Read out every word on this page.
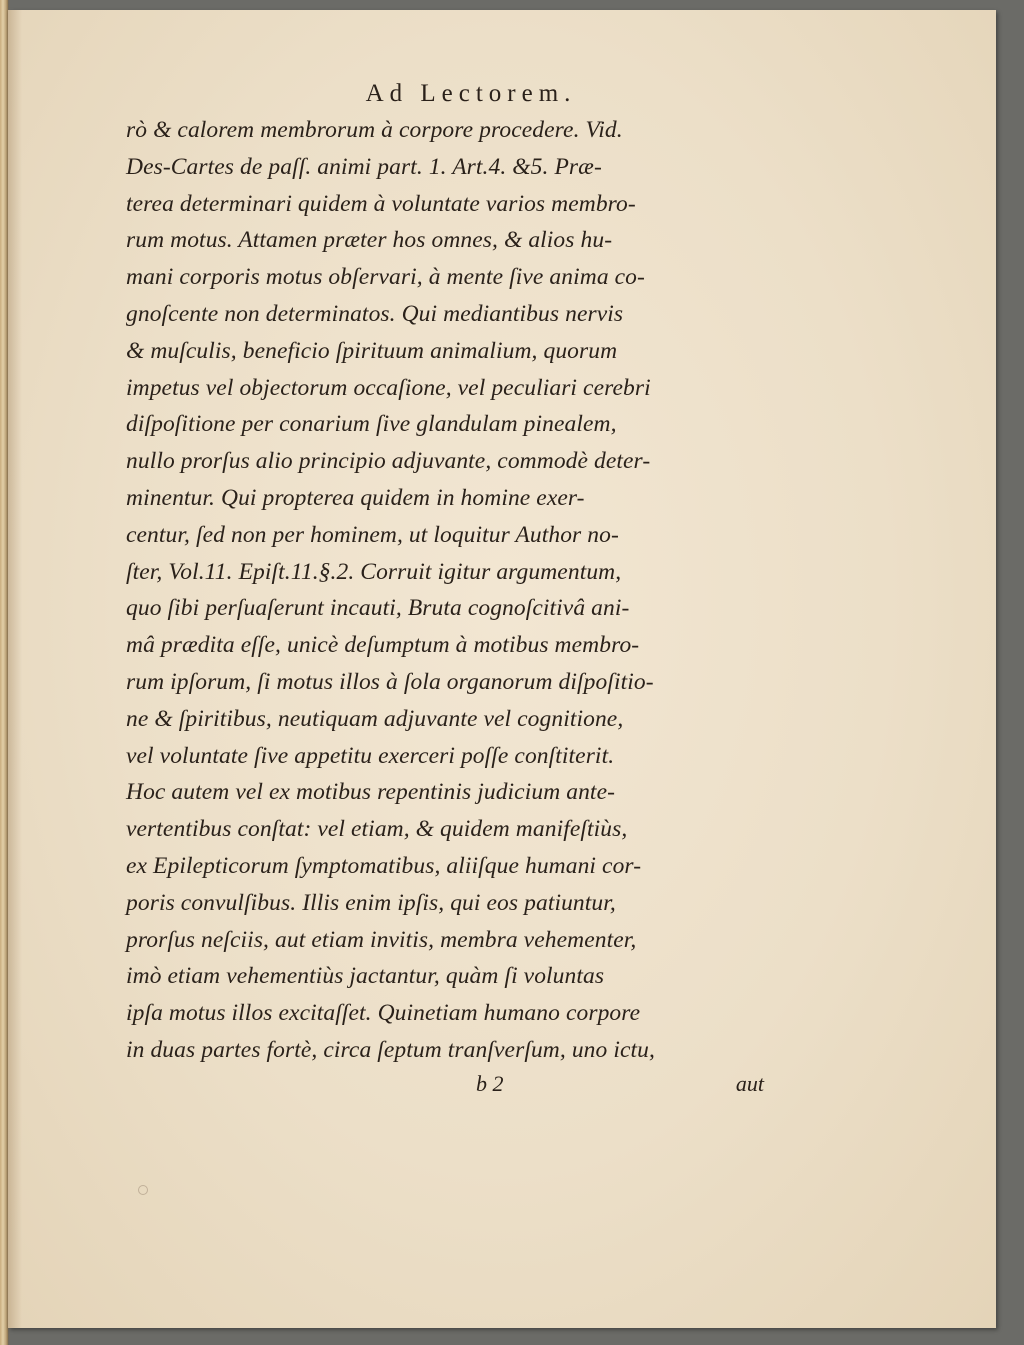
Ad Lectorem.
rò & calorem membrorum à corpore procedere. Vid.
Des-Cartes de paſſ. animi part. 1. Art.4. &5. Præ-
terea determinari quidem à voluntate varios membro-
rum motus. Attamen præter hos omnes, & alios hu-
mani corporis motus obſervari, à mente ſive anima co-
gnoſcente non determinatos. Qui mediantibus nervis
& muſculis, beneficio ſpirituum animalium, quorum
impetus vel objectorum occaſione, vel peculiari cerebri
diſpoſitione per conarium ſive glandulam pinealem,
nullo prorſus alio principio adjuvante, commodè deter-
minentur. Qui propterea quidem in homine exer-
centur, ſed non per hominem, ut loquitur Author no-
ſter, Vol.11. Epiſt.11.§.2. Corruit igitur argumentum,
quo ſibi perſuaſerunt incauti, Bruta cognoſcitivâ ani-
mâ prædita eſſe, unicè deſumptum à motibus membro-
rum ipſorum, ſi motus illos à ſola organorum diſpoſitio-
ne & ſpiritibus, neutiquam adjuvante vel cognitione,
vel voluntate ſive appetitu exerceri poſſe conſtiterit.
Hoc autem vel ex motibus repentinis judicium ante-
vertentibus conſtat: vel etiam, & quidem manifeſtiùs,
ex Epilepticorum ſymptomatibus, aliiſque humani cor-
poris convulſibus. Illis enim ipſis, qui eos patiuntur,
prorſus neſciis, aut etiam invitis, membra vehementer,
imò etiam vehementiùs jactantur, quàm ſi voluntas
ipſa motus illos excitaſſet. Quinetiam humano corpore
in duas partes fortè, circa ſeptum tranſverſum, uno ictu,
b 2	aut
